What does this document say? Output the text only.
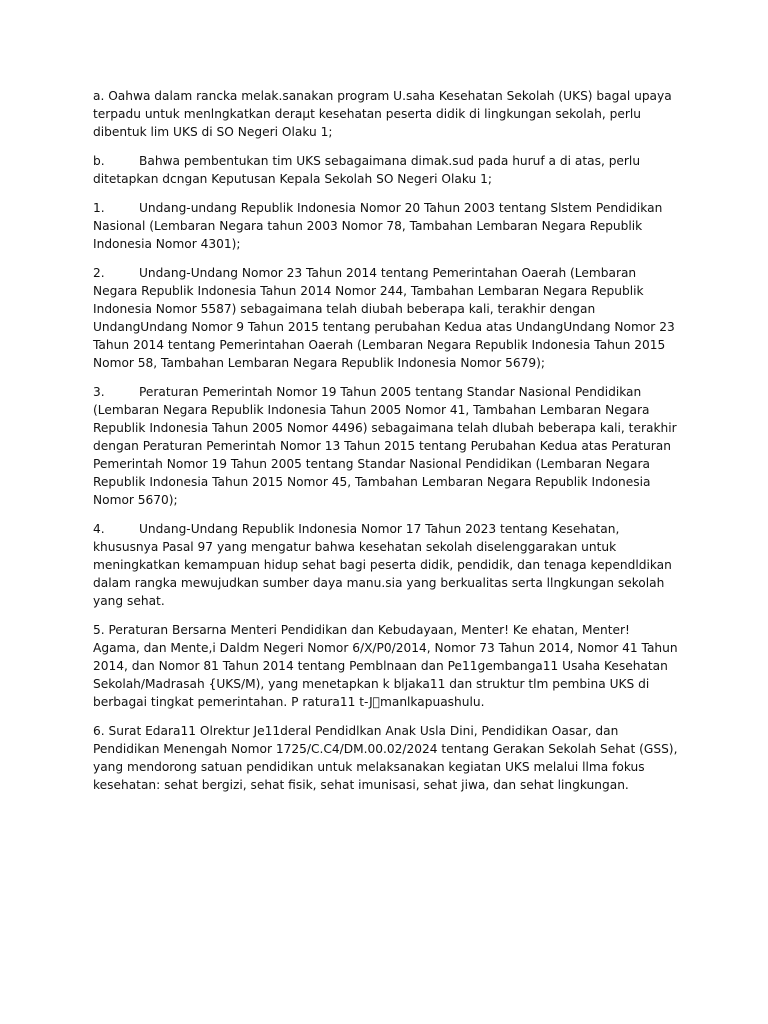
a. Oahwa dalam rancka melak.sanakan program U.saha Kesehatan Sekolah (UKS) bagal upaya terpadu untuk menlngkatkan deraµt kesehatan peserta didik di lingkungan sekolah, perlu dibentuk lim UKS di SO Negeri Olaku 1;

b.	Bahwa pembentukan tim UKS sebagaimana dimak.sud pada huruf a di atas, perlu ditetapkan dcngan Keputusan Kepala Sekolah SO Negeri Olaku 1;

1.	Undang-undang Republik Indonesia Nomor 20 Tahun 2003 tentang Slstem Pendidikan Nasional (Lembaran Negara tahun 2003 Nomor 78, Tambahan Lembaran Negara Republik Indonesia Nomor 4301);

2.	Undang-Undang Nomor 23 Tahun 2014 tentang Pemerintahan Oaerah (Lembaran Negara Republik Indonesia Tahun 2014 Nomor 244, Tambahan Lembaran Negara Republik Indonesia Nomor 5587) sebagaimana telah diubah beberapa kali, terakhir dengan UndangUndang Nomor 9 Tahun 2015 tentang perubahan Kedua atas UndangUndang Nomor 23 Tahun 2014 tentang Pemerintahan Oaerah (Lembaran Negara Republik Indonesia Tahun 2015 Nomor 58, Tambahan Lembaran Negara Republik Indonesia Nomor 5679);

3.	Peraturan Pemerintah Nomor 19 Tahun 2005 tentang Standar Nasional Pendidikan (Lembaran Negara Republik Indonesia Tahun 2005 Nomor 41, Tambahan Lembaran Negara Republik Indonesia Tahun 2005 Nomor 4496) sebagaimana telah dlubah beberapa kali, terakhir dengan Peraturan Pemerintah Nomor 13 Tahun 2015 tentang Perubahan Kedua atas Peraturan Pemerintah Nomor 19 Tahun 2005 tentang Standar Nasional Pendidikan (Lembaran Negara Republik Indonesia Tahun 2015 Nomor 45, Tambahan Lembaran Negara Republik Indonesia Nomor 5670);

4.	Undang-Undang Republik Indonesia Nomor 17 Tahun 2023 tentang Kesehatan, khususnya Pasal 97 yang mengatur bahwa kesehatan sekolah diselenggarakan untuk meningkatkan kemampuan hidup sehat bagi peserta didik, pendidik, dan tenaga kependldikan dalam rangka mewujudkan sumber daya manu.sia yang berkualitas serta llngkungan sekolah yang sehat.

5. Peraturan Bersarna Menteri Pendidikan dan Kebudayaan, Menter! Ke ehatan, Menter! Agama, dan Mente,i Daldm Negeri Nomor 6/X/P0/2014, Nomor 73 Tahun 2014, Nomor 41 Tahun 2014, dan Nomor 81 Tahun 2014 tentang Pemblnaan dan Pe11gembanga11 Usaha Kesehatan Sekolah/Madrasah {UKS/M), yang menetapkan k bljaka11 dan struktur tlm pembina UKS di berbagai tingkat pemerintahan. P ratura11 t-J⃞manlkapuashulu.

6. Surat Edara11 Olrektur Je11deral Pendidlkan Anak Usla Dini, Pendidikan Oasar, dan Pendidikan Menengah Nomor 1725/C.C4/DM.00.02/2024 tentang Gerakan Sekolah Sehat (GSS), yang mendorong satuan pendidikan untuk melaksanakan kegiatan UKS melalui llma fokus kesehatan: sehat bergizi, sehat fisik, sehat imunisasi, sehat jiwa, dan sehat lingkungan.
